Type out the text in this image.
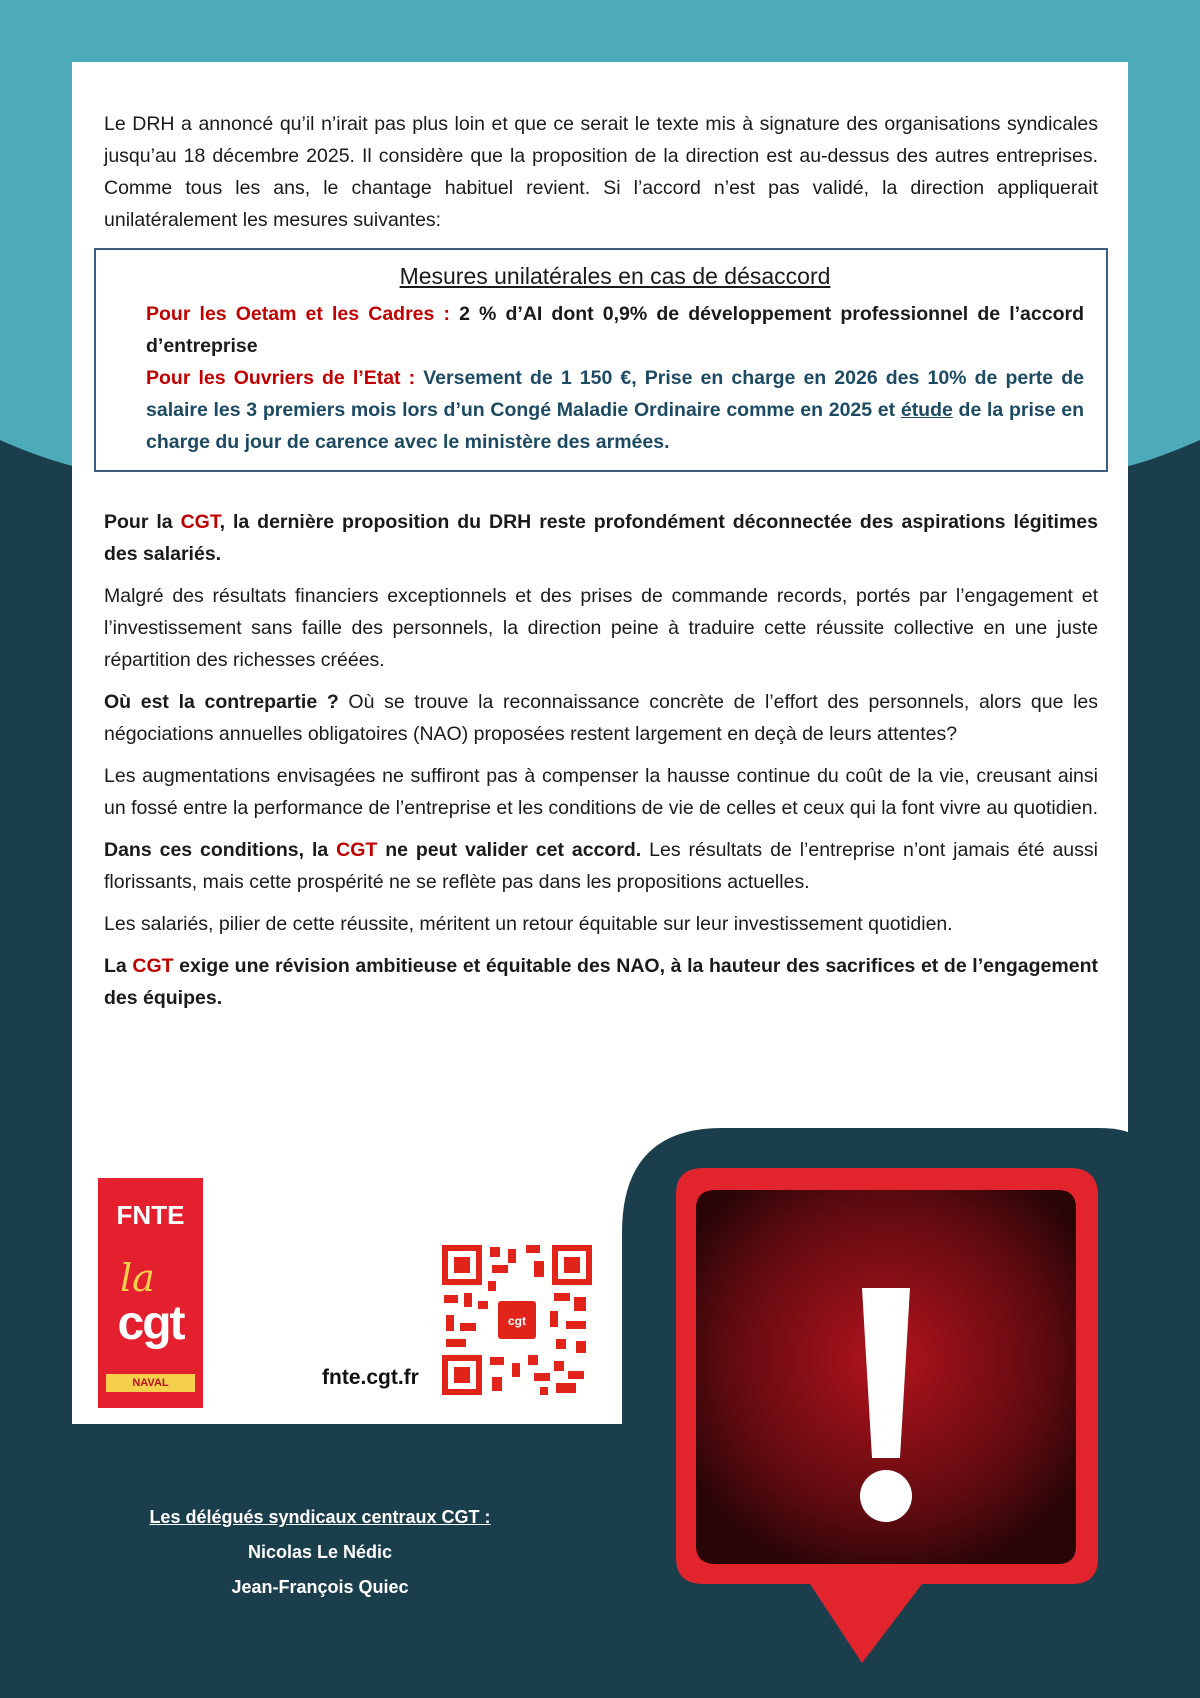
Le DRH a annoncé qu’il n’irait pas plus loin et que ce serait le texte mis à signature des organisations syndicales jusqu’au 18 décembre 2025. Il considère que la proposition de la direction est au-dessus des autres entreprises. Comme tous les ans, le chantage habituel revient. Si l’accord n’est pas validé, la direction appliquerait unilatéralement les mesures suivantes:

Mesures unilatérales en cas de désaccord

Pour les Oetam et les Cadres : 2 % d’AI dont 0,9% de développement professionnel de l’accord d’entreprise

Pour les Ouvriers de l’Etat : Versement de 1 150 €, Prise en charge en 2026 des 10% de perte de salaire les 3 premiers mois lors d’un Congé Maladie Ordinaire comme en 2025 et étude de la prise en charge du jour de carence avec le ministère des armées.

Pour la CGT, la dernière proposition du DRH reste profondément déconnectée des aspirations légitimes des salariés.

Malgré des résultats financiers exceptionnels et des prises de commande records, portés par l’engagement et l’investissement sans faille des personnels, la direction peine à traduire cette réussite collective en une juste répartition des richesses créées.

Où est la contrepartie ? Où se trouve la reconnaissance concrète de l’effort des personnels, alors que les négociations annuelles obligatoires (NAO) proposées restent largement en deçà de leurs attentes?

Les augmentations envisagées ne suffiront pas à compenser la hausse continue du coût de la vie, creusant ainsi un fossé entre la performance de l’entreprise et les conditions de vie de celles et ceux qui la font vivre au quotidien.

Dans ces conditions, la CGT ne peut valider cet accord. Les résultats de l’entreprise n’ont jamais été aussi florissants, mais cette prospérité ne se reflète pas dans les propositions actuelles.

Les salariés, pilier de cette réussite, méritent un retour équitable sur leur investissement quotidien.

La CGT exige une révision ambitieuse et équitable des NAO, à la hauteur des sacrifices et de l’engagement des équipes.

FNTE
la
cgt
NAVAL	fnte.cgt.fr
cgt
Les délégués syndicaux centraux CGT :
Nicolas Le Nédic
Jean-François Quiec
